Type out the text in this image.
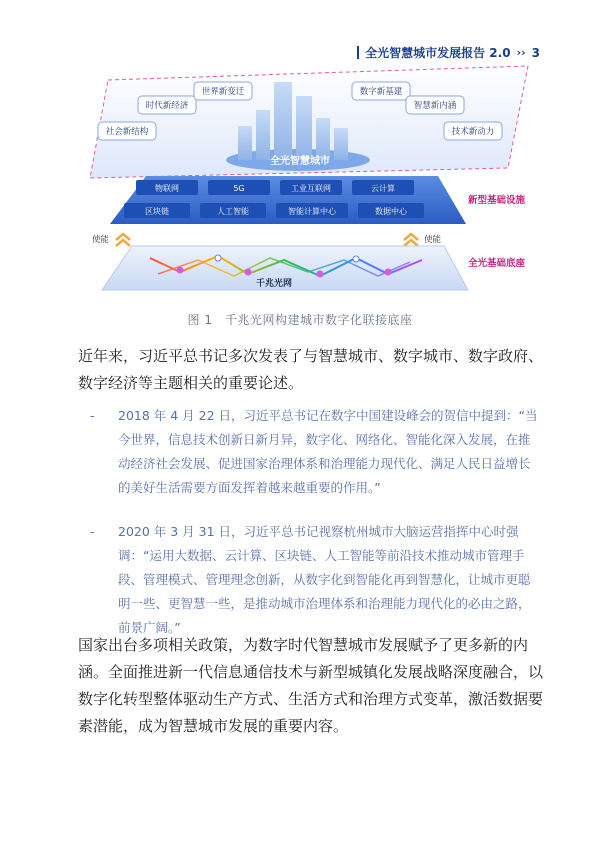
全光智慧城市发展报告 2.0 ›› 3
全光智慧城市
社会新结构
时代新经济
世界新变迁	数字新基建
智慧新内涵
技术新动力
物联网	5G	工业互联网	云计算
区块链	人工智能	智能计算中心	数据中心
新型基础设施
使能	使能
千兆光网
全光基础底座
图 1　千兆光网构建城市数字化联接底座

近年来，习近平总书记多次发表了与智慧城市、数字城市、数字政府、数字经济等主题相关的重要论述。

- 2018 年 4 月 22 日，习近平总书记在数字中国建设峰会的贺信中提到：“当今世界，信息技术创新日新月异，数字化、网络化、智能化深入发展，在推动经济社会发展、促进国家治理体系和治理能力现代化、满足人民日益增长的美好生活需要方面发挥着越来越重要的作用。”
- 2020 年 3 月 31 日，习近平总书记视察杭州城市大脑运营指挥中心时强调：“运用大数据、云计算、区块链、人工智能等前沿技术推动城市管理手段、管理模式、管理理念创新，从数字化到智能化再到智慧化，让城市更聪明一些、更智慧一些，是推动城市治理体系和治理能力现代化的必由之路，前景广阔。”

国家出台多项相关政策，为数字时代智慧城市发展赋予了更多新的内涵。全面推进新一代信息通信技术与新型城镇化发展战略深度融合，以数字化转型整体驱动生产方式、生活方式和治理方式变革，激活数据要素潜能，成为智慧城市发展的重要内容。
